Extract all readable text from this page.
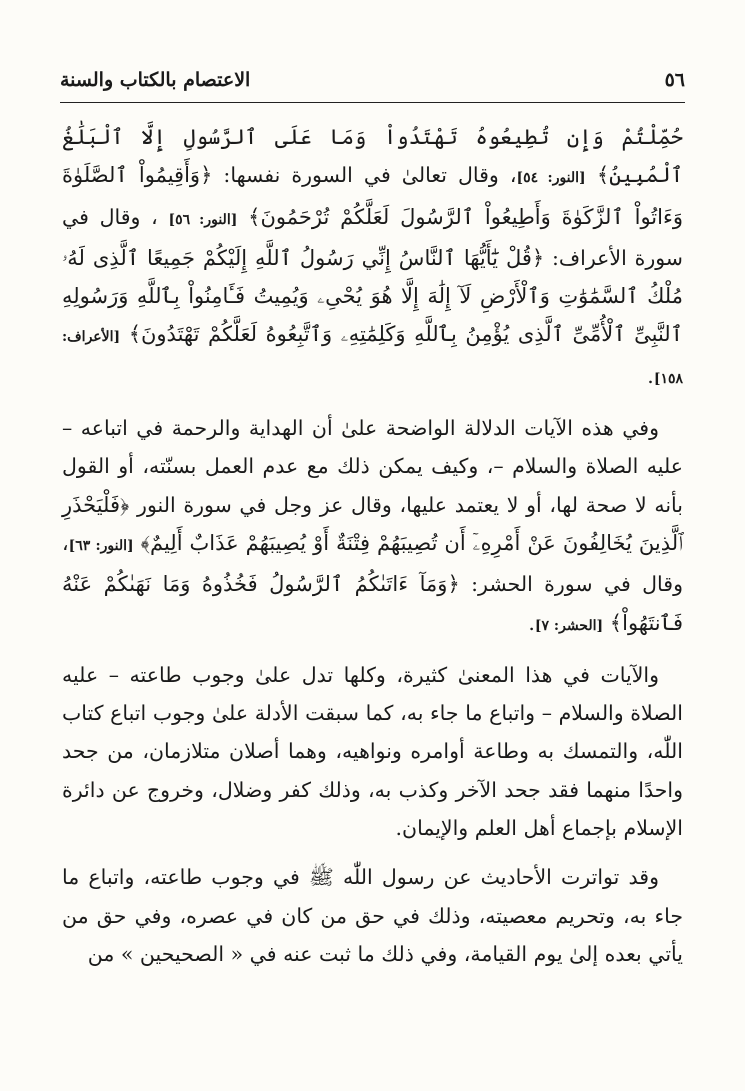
٥٦
الاعتصام بالكتاب والسنة

حُمِّلْتُمْ وَإِن تُطِيعُوهُ تَهْتَدُواْ وَمَا عَلَى ٱلرَّسُولِ إِلَّا ٱلْبَلَٰغُ ٱلْمُبِينُ﴾ [النور: ٥٤]، وقال تعالىٰ في السورة نفسها: ﴿وَأَقِيمُواْ ٱلصَّلَوٰةَ وَءَاتُواْ ٱلزَّكَوٰةَ وَأَطِيعُواْ ٱلرَّسُولَ لَعَلَّكُمْ تُرْحَمُونَ﴾ [النور: ٥٦] ، وقال في سورة الأعراف: ﴿قُلْ يَٰٓأَيُّهَا ٱلنَّاسُ إِنِّي رَسُولُ ٱللَّهِ إِلَيْكُمْ جَمِيعًا ٱلَّذِى لَهُۥ مُلْكُ ٱلسَّمَٰوَٰتِ وَٱلْأَرْضِ لَآ إِلَٰهَ إِلَّا هُوَ يُحْىِۦ وَيُمِيتُ فَـَٔامِنُواْ بِٱللَّهِ وَرَسُولِهِ ٱلنَّبِىِّ ٱلْأُمِّىِّ ٱلَّذِى يُؤْمِنُ بِٱللَّهِ وَكَلِمَٰتِهِۦ وَٱتَّبِعُوهُ لَعَلَّكُمْ تَهْتَدُونَ﴾ [الأعراف: ١٥٨].

وفي هذه الآيات الدلالة الواضحة علىٰ أن الهداية والرحمة في اتباعه – عليه الصلاة والسلام –، وكيف يمكن ذلك مع عدم العمل بسنّته، أو القول بأنه لا صحة لها، أو لا يعتمد عليها، وقال عز وجل في سورة النور ﴿فَلْيَحْذَرِ ٱلَّذِينَ يُخَالِفُونَ عَنْ أَمْرِهِۦٓ أَن تُصِيبَهُمْ فِتْنَةٌ أَوْ يُصِيبَهُمْ عَذَابٌ أَلِيمٌ﴾ [النور: ٦٣]، وقال في سورة الحشر: ﴿وَمَآ ءَاتَىٰكُمُ ٱلرَّسُولُ فَخُذُوهُ وَمَا نَهَىٰكُمْ عَنْهُ فَٱنتَهُواْ﴾ [الحشر: ٧].

والآيات في هذا المعنىٰ كثيرة، وكلها تدل علىٰ وجوب طاعته – عليه الصلاة والسلام – واتباع ما جاء به، كما سبقت الأدلة علىٰ وجوب اتباع كتاب اللّٰه، والتمسك به وطاعة أوامره ونواهيه، وهما أصلان متلازمان، من جحد واحدًا منهما فقد جحد الآخر وكذب به، وذلك كفر وضلال، وخروج عن دائرة الإسلام بإجماع أهل العلم والإيمان.

وقد تواترت الأحاديث عن رسول اللّٰه ﷺ في وجوب طاعته، واتباع ما جاء به، وتحريم معصيته، وذلك في حق من كان في عصره، وفي حق من يأتي بعده إلىٰ يوم القيامة، وفي ذلك ما ثبت عنه في « الصحيحين » من
